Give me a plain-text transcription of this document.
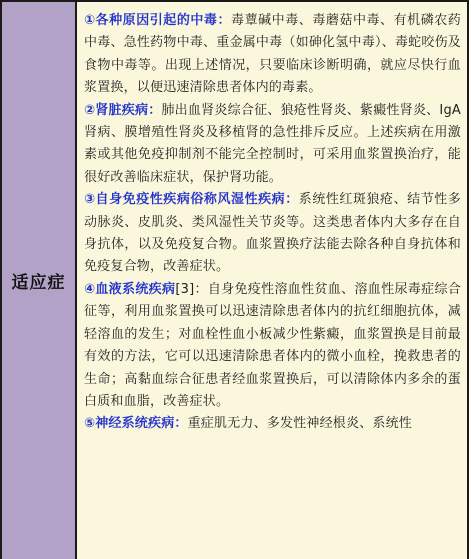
适应症

①各种原因引起的中毒：毒蕈碱中毒、毒蘑菇中毒、有机磷农药中毒、急性药物中毒、重金属中毒（如砷化氢中毒）、毒蛇咬伤及食物中毒等。出现上述情况，只要临床诊断明确，就应尽快行血浆置换，以便迅速清除患者体内的毒素。

②肾脏疾病：肺出血肾炎综合征、狼疮性肾炎、紫癜性肾炎、IgA 肾病、膜增殖性肾炎及移植肾的急性排斥反应。上述疾病在用激素或其他免疫抑制剂不能完全控制时，可采用血浆置换治疗，能很好改善临床症状，保护肾功能。

③自身免疫性疾病俗称风湿性疾病：系统性红斑狼疮、结节性多动脉炎、皮肌炎、类风湿性关节炎等。这类患者体内大多存在自身抗体，以及免疫复合物。血浆置换疗法能去除各种自身抗体和免疫复合物，改善症状。

④血液系统疾病[3]：自身免疫性溶血性贫血、溶血性尿毒症综合征等，利用血浆置换可以迅速清除患者体内的抗红细胞抗体，减轻溶血的发生；对血栓性血小板减少性紫癜，血浆置换是目前最有效的方法，它可以迅速清除患者体内的微小血栓，挽救患者的生命；高黏血综合征患者经血浆置换后，可以清除体内多余的蛋白质和血脂，改善症状。

⑤神经系统疾病：重症肌无力、多发性神经根炎、系统性
